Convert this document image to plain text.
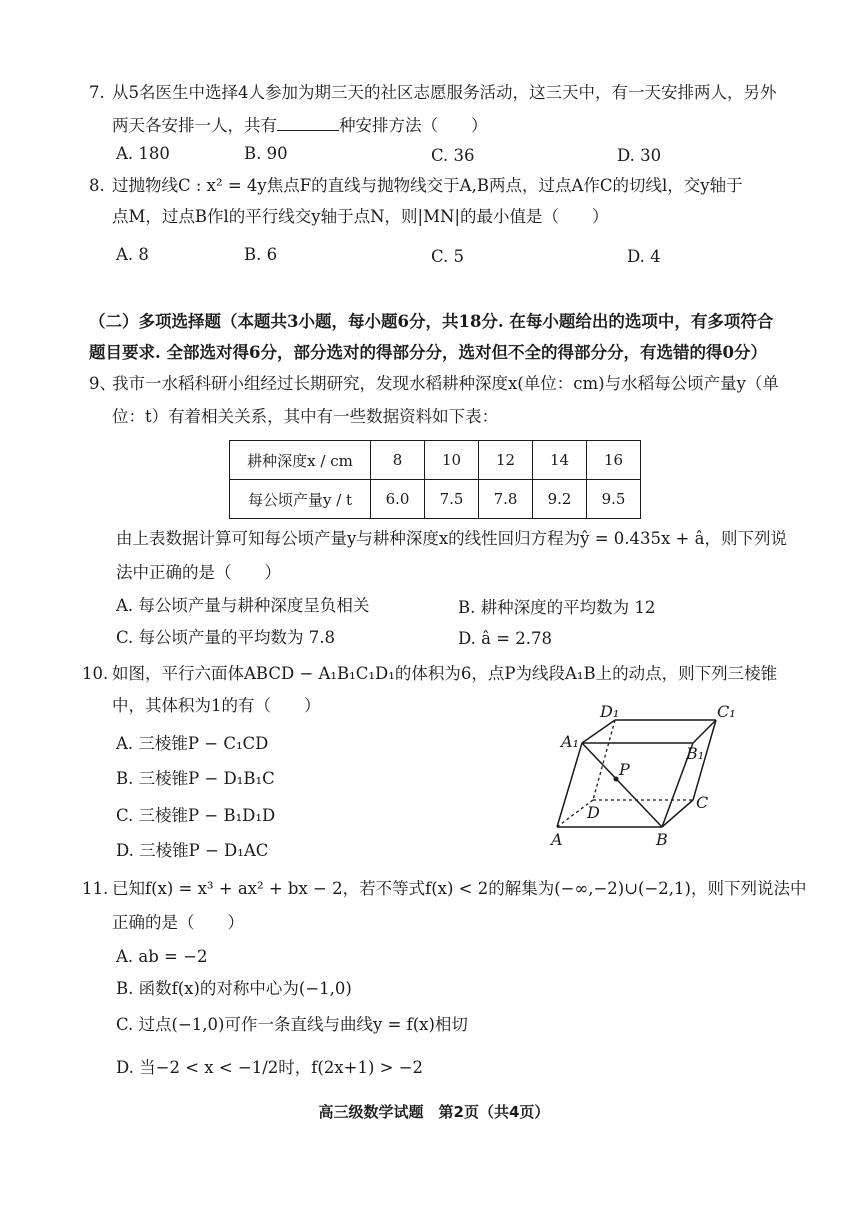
7. 从5名医生中选择4人参加为期三天的社区志愿服务活动，这三天中，有一天安排两人，另外
两天各安排一人，共有	种安排方法（　　）
A. 180	B. 90	C. 36	D. 30
8. 过抛物线C : x² = 4y焦点F的直线与抛物线交于A,B两点，过点A作C的切线l，交y轴于
点M，过点B作l的平行线交y轴于点N，则|MN|的最小值是（　　）
A. 8	B. 6	C. 5	D. 4
（二）多项选择题（本题共3小题，每小题6分，共18分. 在每小题给出的选项中，有多项符合
题目要求. 全部选对得6分，部分选对的得部分分，选对但不全的得部分分，有选错的得0分）
9、
我市一水稻科研小组经过长期研究，发现水稻耕种深度x(单位：cm)与水稻每公顷产量y（单
位：t）有着相关关系，其中有一些数据资料如下表：
耕种深度x / cm	8	10	12	14	16
每公顷产量y / t	6.0	7.5	7.8	9.2	9.5
由上表数据计算可知每公顷产量y与耕种深度x的线性回归方程为ŷ = 0.435x + â，则下列说
法中正确的是（　　）
A. 每公顷产量与耕种深度呈负相关	B. 耕种深度的平均数为 12
C. 每公顷产量的平均数为 7.8	D. â = 2.78
10. 如图，平行六面体ABCD − A₁B₁C₁D₁的体积为6，点P为线段A₁B上的动点，则下列三棱锥
中，其体积为1的有（　　）
A. 三棱锥P − C₁CD
B. 三棱锥P − D₁B₁C
C. 三棱锥P − B₁D₁D
D. 三棱锥P − D₁AC
D₁	C₁
A₁
B₁
P
C
D
A	B
11. 已知f(x) = x³ + ax² + bx − 2，若不等式f(x) < 2的解集为(−∞,−2)∪(−2,1)，则下列说法中
正确的是（　　）
A. ab = −2
B. 函数f(x)的对称中心为(−1,0)
C. 过点(−1,0)可作一条直线与曲线y = f(x)相切
D. 当−2 < x < −1/2时，f(2x+1) > −2
高三级数学试题　第2页（共4页）
